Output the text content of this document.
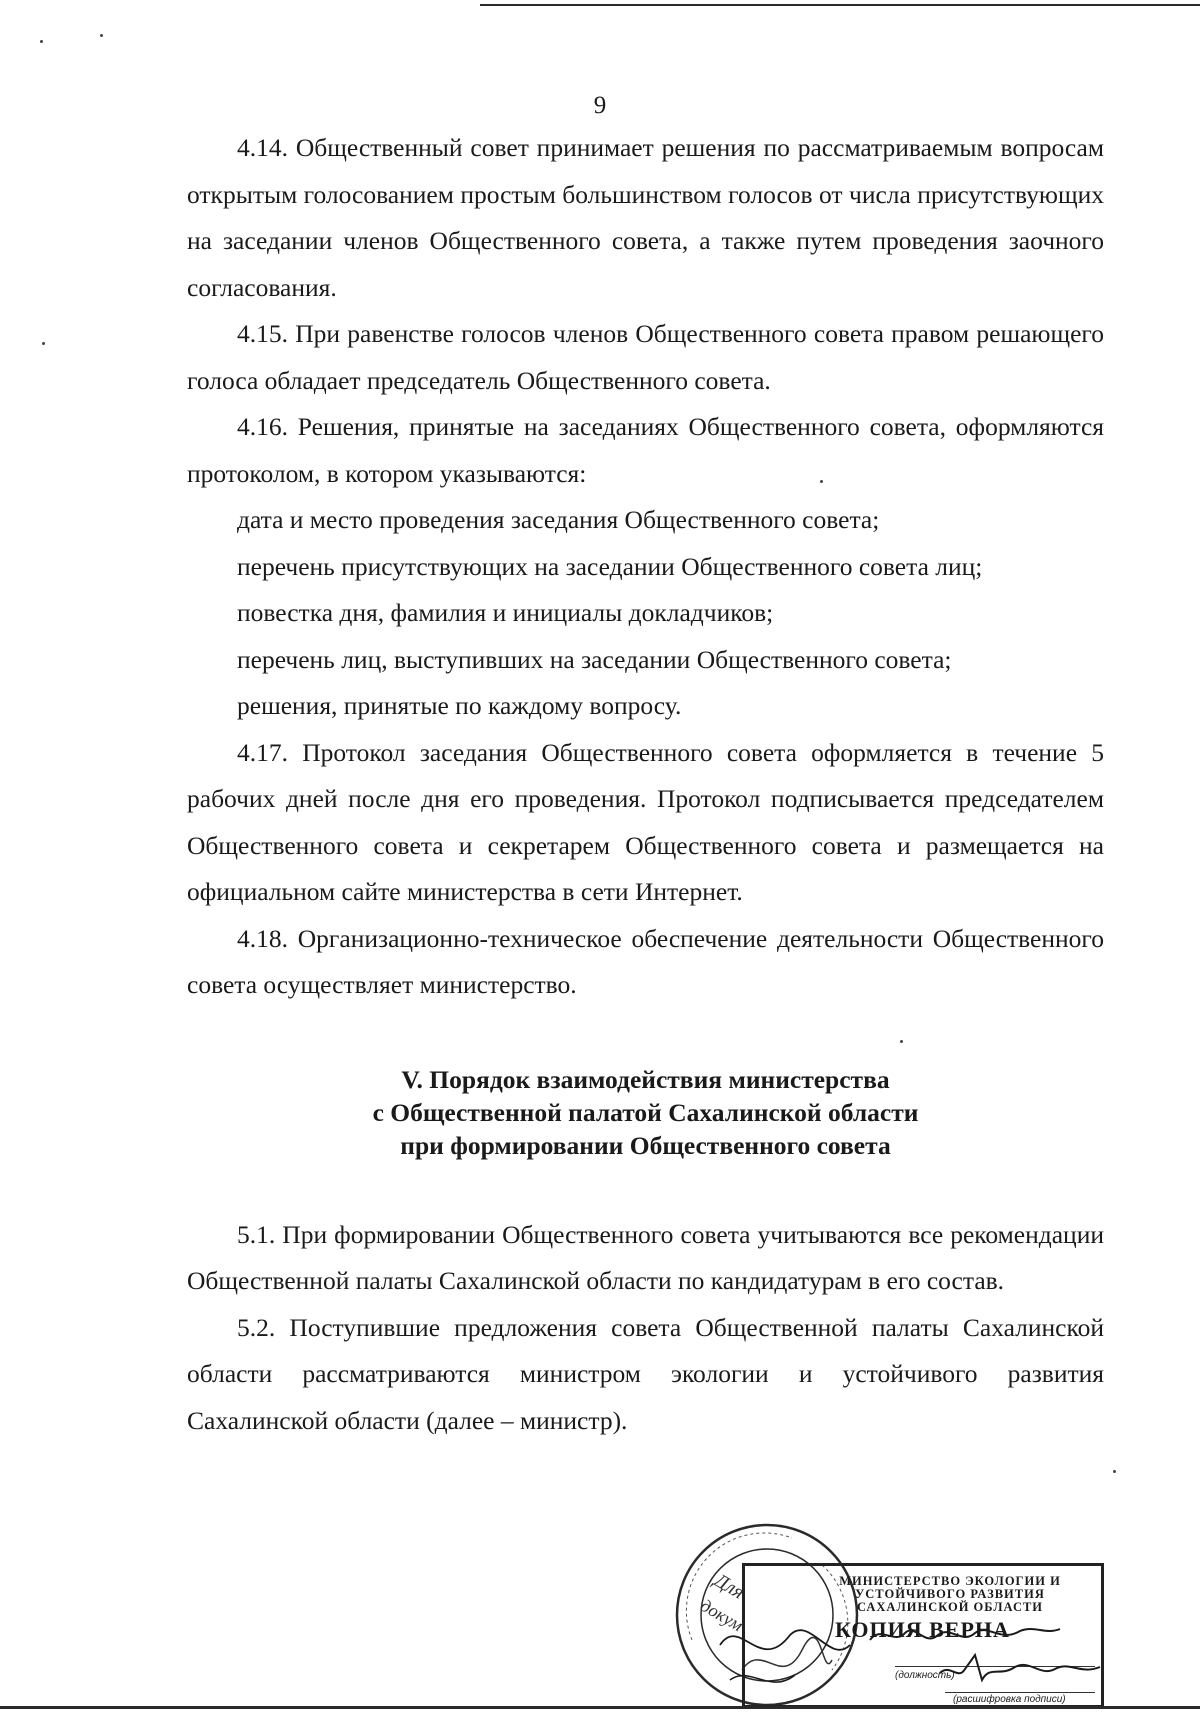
9

4.14. Общественный совет принимает решения по рассматриваемым вопросам открытым голосованием простым большинством голосов от числа присутствующих на заседании членов Общественного совета, а также путем проведения заочного согласования.

4.15. При равенстве голосов членов Общественного совета правом решающего голоса обладает председатель Общественного совета.

4.16. Решения, принятые на заседаниях Общественного совета, оформляются протоколом, в котором указываются:

дата и место проведения заседания Общественного совета;

перечень присутствующих на заседании Общественного совета лиц;

повестка дня, фамилия и инициалы докладчиков;

перечень лиц, выступивших на заседании Общественного совета;

решения, принятые по каждому вопросу.

4.17. Протокол заседания Общественного совета оформляется в течение 5 рабочих дней после дня его проведения. Протокол подписывается председателем Общественного совета и секретарем Общественного совета и размещается на официальном сайте министерства в сети Интернет.

4.18. Организационно-техническое обеспечение деятельности Общественного совета осуществляет министерство.

V. Порядок взаимодействия министерства
с Общественной палатой Сахалинской области
при формировании Общественного совета

5.1. При формировании Общественного совета учитываются все рекомендации Общественной палаты Сахалинской области по кандидатурам в его состав.

5.2. Поступившие предложения совета Общественной палаты Сахалинской области рассматриваются министром экологии и устойчивого развития Сахалинской области (далее – министр).

Для
докум
МИНИСТЕРСТВО ЭКОЛОГИИ И
УСТОЙЧИВОГО РАЗВИТИЯ
САХАЛИНСКОЙ ОБЛАСТИ
КОПИЯ ВЕРНА
(должность)
(расшифровка подписи)
